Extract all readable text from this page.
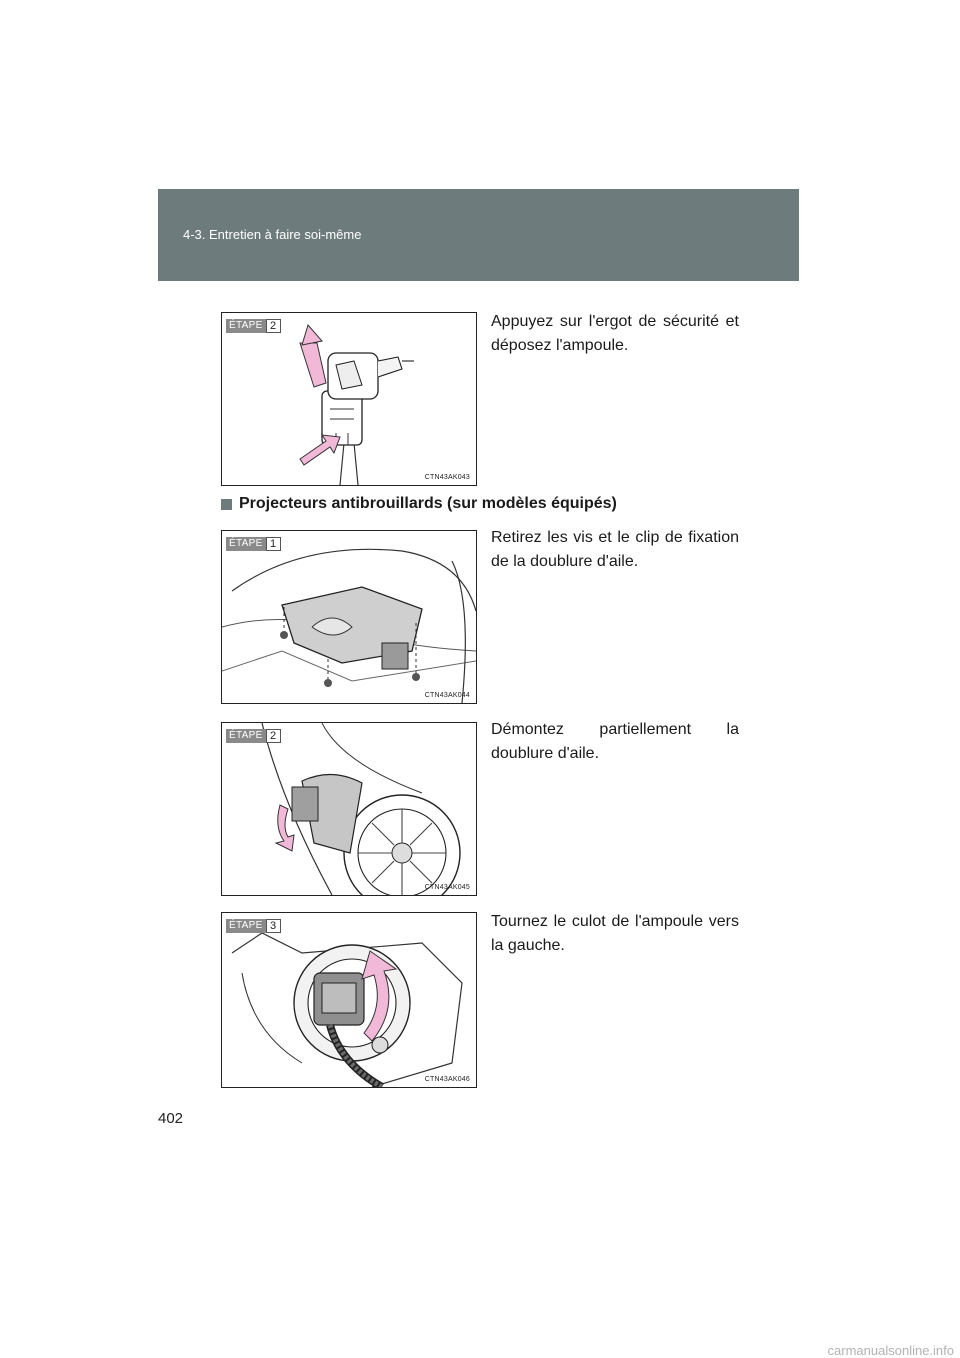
4-3. Entretien à faire soi-même
ÉTAPE 2
CTN43AK043
Appuyez sur l'ergot de sécurité et déposez l'ampoule.
Projecteurs antibrouillards (sur modèles équipés)
ÉTAPE 1
CTN43AK044
Retirez les vis et le clip de fixation de la doublure d'aile.
ÉTAPE 2
CTN43AK045
Démontez partiellement la doublure d'aile.
ÉTAPE 3
CTN43AK046
Tournez le culot de l'ampoule vers la gauche.
402
carmanualsonline.info
